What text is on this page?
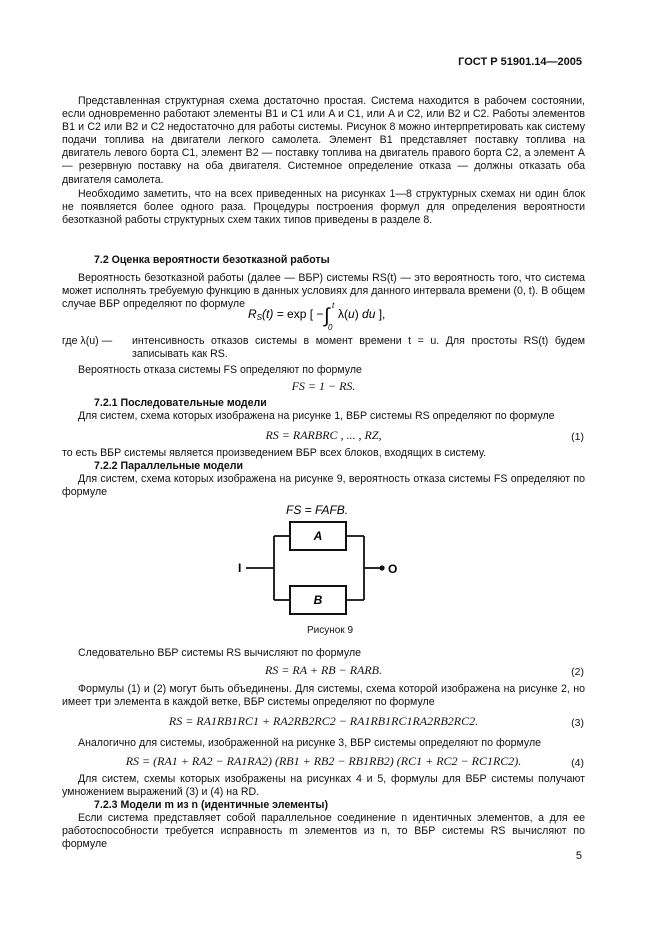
ГОСТ Р 51901.14—2005

Представленная структурная схема достаточно простая. Система находится в рабочем состоянии, если одновременно работают элементы B1 и C1 или A и C1, или A и C2, или B2 и C2. Работы элементов B1 и C2 или B2 и C2 недостаточно для работы системы. Рисунок 8 можно интерпретировать как систему подачи топлива на двигатели легкого самолета. Элемент B1 представляет поставку топлива на двигатель левого борта C1, элемент B2 — поставку топлива на двигатель правого борта C2, а элемент A — резервную поставку на оба двигателя. Системное определение отказа — должны отказать оба двигателя самолета.

Необходимо заметить, что на всех приведенных на рисунках 1—8 структурных схемах ни один блок не появляется более одного раза. Процедуры построения формул для определения вероятности безотказной работы структурных схем таких типов приведены в разделе 8.

7.2 Оценка вероятности безотказной работы

Вероятность безотказной работы (далее — ВБР) системы RS(t) — это вероятность того, что система может исполнять требуемую функцию в данных условиях для данного интервала времени (0, t). В общем случае ВБР определяют по формуле

RS(t) = exp [ −
t
∫
0
λ(u) du ],
где λ(u) — интенсивность отказов системы в момент времени t = u. Для простоты RS(t) будем записывать как RS.

Вероятность отказа системы FS определяют по формуле

FS = 1 − RS.

7.2.1 Последовательные модели

Для систем, схема которых изображена на рисунке 1, ВБР системы RS определяют по формуле

RS = RARBRC , ... , RZ,	(1)

то есть ВБР системы является произведением ВБР всех блоков, входящих в систему.

7.2.2 Параллельные модели

Для систем, схема которых изображена на рисунке 9, вероятность отказа системы FS определяют по формуле

FS = FAFB.
A
B
I	O
Рисунок 9

Следовательно ВБР системы RS вычисляют по формуле

RS = RA + RB − RARB.	(2)

Формулы (1) и (2) могут быть объединены. Для системы, схема которой изображена на рисунке 2, но имеет три элемента в каждой ветке, ВБР системы определяют по формуле

RS = RA1RB1RC1 + RA2RB2RC2 − RA1RB1RC1RA2RB2RC2.	(3)

Аналогично для системы, изображенной на рисунке 3, ВБР системы определяют по формуле

RS = (RA1 + RA2 − RA1RA2) (RB1 + RB2 − RB1RB2) (RC1 + RC2 − RC1RC2).	(4)

Для систем, схемы которых изображены на рисунках 4 и 5, формулы для ВБР системы получают умножением выражений (3) и (4) на RD.

7.2.3 Модели m из n (идентичные элементы)

Если система представляет собой параллельное соединение n идентичных элементов, а для ее работоспособности требуется исправность m элементов из n, то ВБР системы RS вычисляют по формуле

5
